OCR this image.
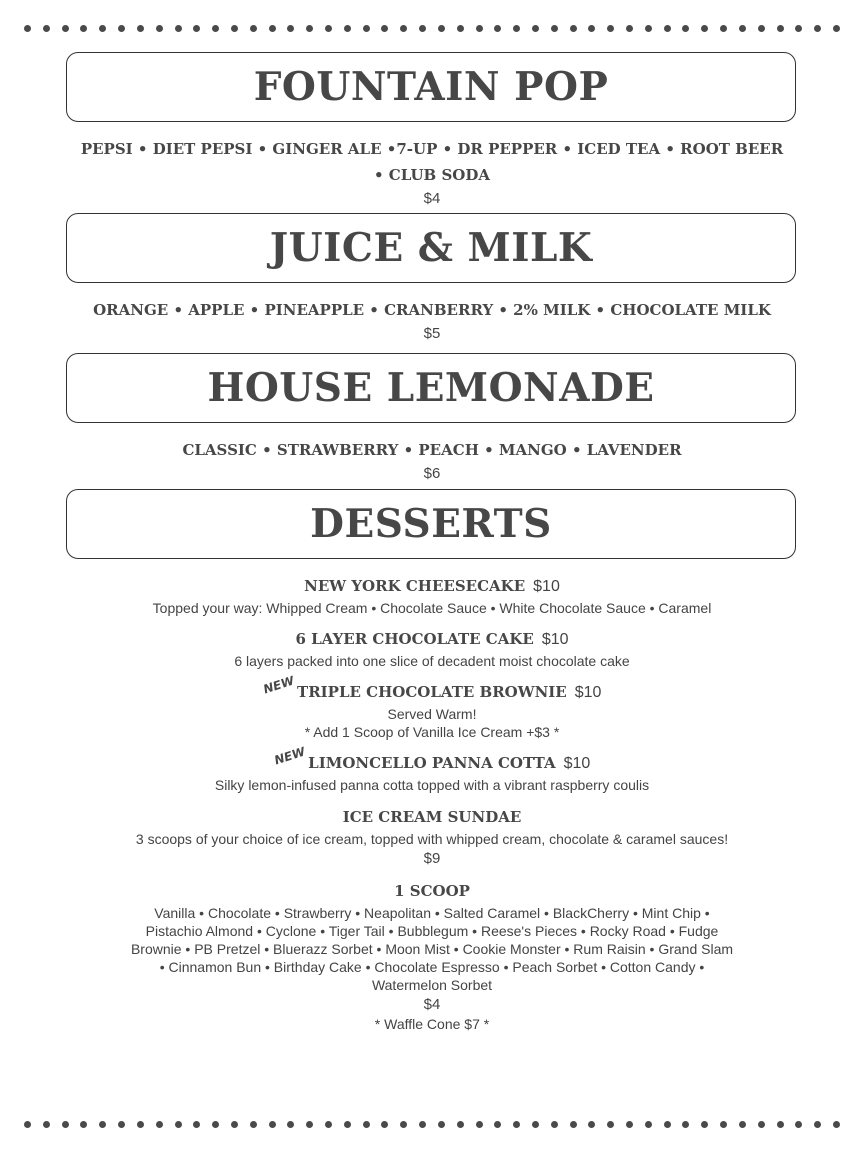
FOUNTAIN POP
PEPSI • DIET PEPSI • GINGER ALE •7-UP • DR PEPPER • ICED TEA • ROOT BEER
• CLUB SODA
$4
JUICE & MILK
ORANGE • APPLE • PINEAPPLE • CRANBERRY • 2% MILK • CHOCOLATE MILK
$5
HOUSE LEMONADE
CLASSIC • STRAWBERRY • PEACH • MANGO • LAVENDER
$6
DESSERTS
NEW YORK CHEESECAKE $10
Topped your way: Whipped Cream • Chocolate Sauce • White Chocolate Sauce • Caramel
6 LAYER CHOCOLATE CAKE $10
6 layers packed into one slice of decadent moist chocolate cake
NEW TRIPLE CHOCOLATE BROWNIE $10
Served Warm!
* Add 1 Scoop of Vanilla Ice Cream +$3 *
NEW LIMONCELLO PANNA COTTA $10
Silky lemon-infused panna cotta topped with a vibrant raspberry coulis
ICE CREAM SUNDAE
3 scoops of your choice of ice cream, topped with whipped cream, chocolate & caramel sauces!
$9
1 SCOOP
Vanilla • Chocolate • Strawberry • Neapolitan • Salted Caramel • BlackCherry • Mint Chip •
Pistachio Almond • Cyclone • Tiger Tail • Bubblegum • Reese's Pieces • Rocky Road • Fudge
Brownie • PB Pretzel • Bluerazz Sorbet • Moon Mist • Cookie Monster • Rum Raisin • Grand Slam
• Cinnamon Bun • Birthday Cake • Chocolate Espresso • Peach Sorbet • Cotton Candy •
Watermelon Sorbet
$4
* Waffle Cone $7 *
